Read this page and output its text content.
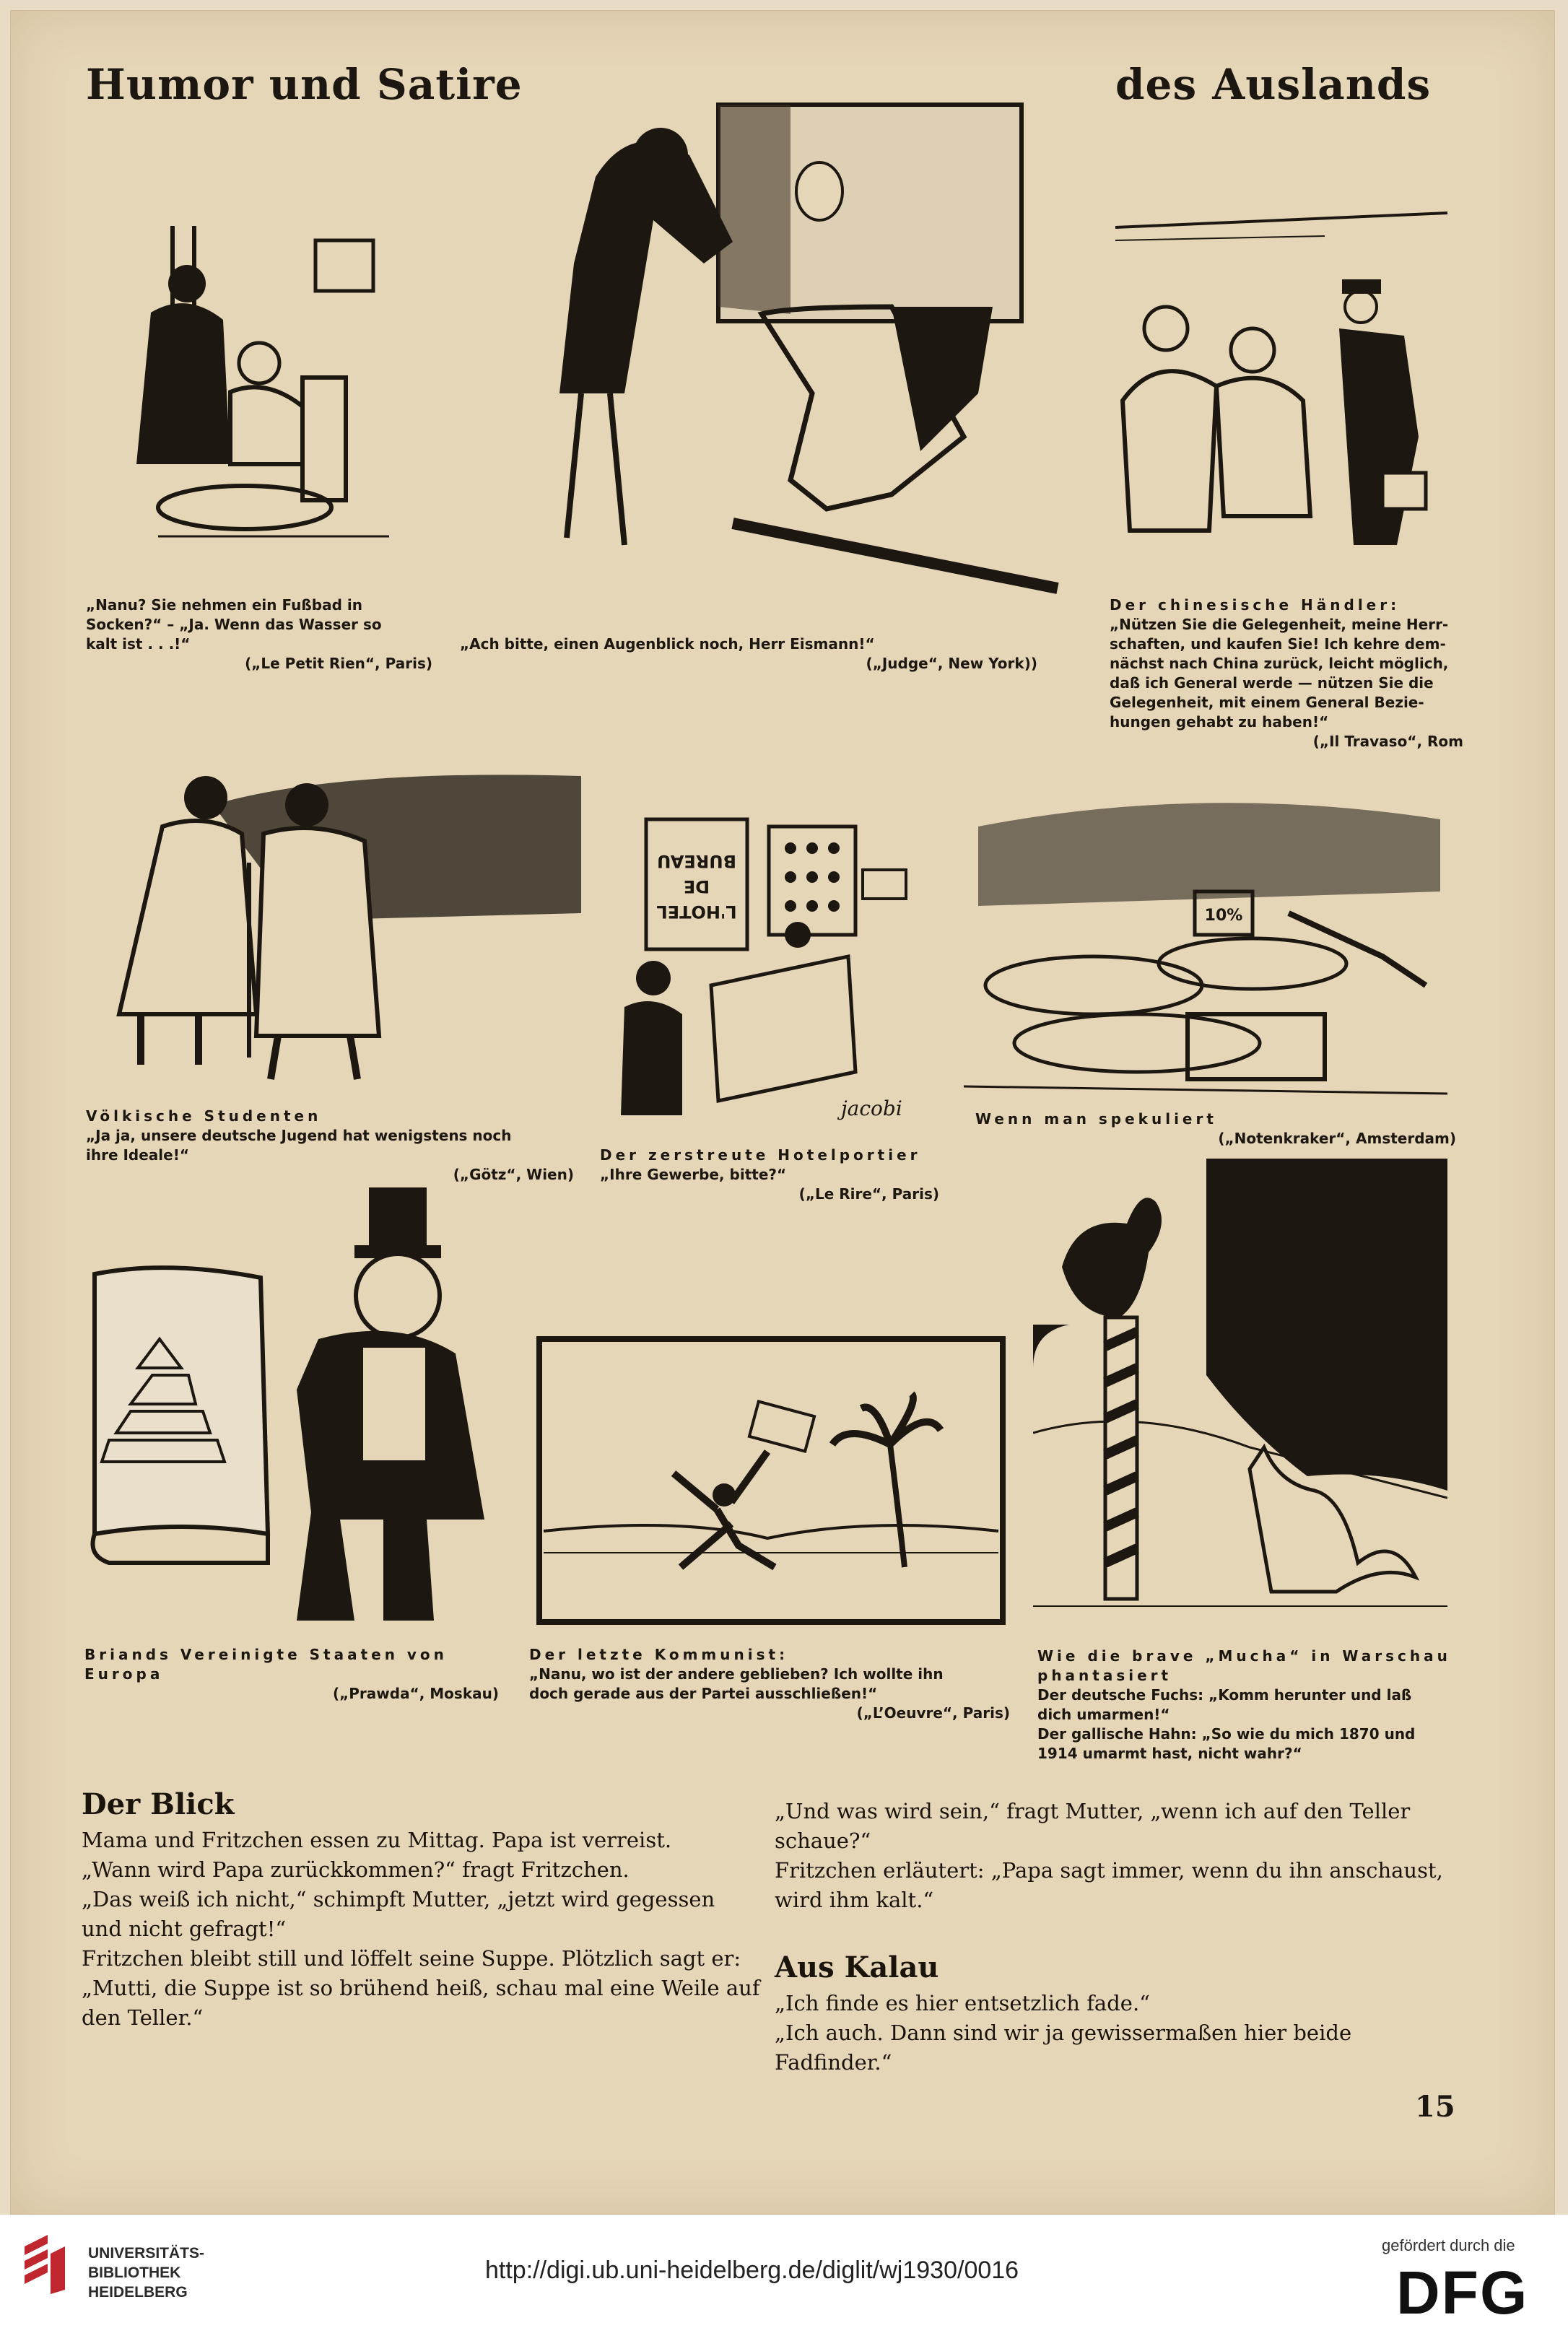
Humor und Satire	des Auslands
„Nanu? Sie nehmen ein Fußbad in
Socken?“ – „Ja. Wenn das Wasser so
kalt ist . . .!“
(„Le Petit Rien“, Paris)
„Ach bitte, einen Augenblick noch, Herr Eismann!“
(„Judge“, New York))
Der chinesische Händler:
„Nützen Sie die Gelegenheit, meine Herr-
schaften, und kaufen Sie! Ich kehre dem-
nächst nach China zurück, leicht möglich,
daß ich General werde — nützen Sie die
Gelegenheit, mit einem General Bezie-
hungen gehabt zu haben!“
(„Il Travaso“, Rom
Völkische Studenten
„Ja ja, unsere deutsche Jugend hat wenigstens noch
ihre Ideale!“
(„Götz“, Wien)
BUREAU
DE
L'HOTEL
jacobi
Der zerstreute Hotelportier
„Ihre Gewerbe, bitte?“
(„Le Rire“, Paris)
10%
Wenn man spekuliert
(„Notenkraker“, Amsterdam)
Briands Vereinigte Staaten von Europa
(„Prawda“, Moskau)
Der letzte Kommunist:
„Nanu, wo ist der andere geblieben? Ich wollte ihn
doch gerade aus der Partei ausschließen!“
(„L’Oeuvre“, Paris)
Wie die brave „Mucha“ in Warschau phantasiert
Der deutsche Fuchs: „Komm herunter und laß
dich umarmen!“
Der gallische Hahn: „So wie du mich 1870 und
1914 umarmt hast, nicht wahr?“
Der Blick

Mama und Fritzchen essen zu Mittag. Papa ist verreist.

„Wann wird Papa zurückkommen?“ fragt Fritzchen.

„Das weiß ich nicht,“ schimpft Mutter, „jetzt wird gegessen und nicht gefragt!“

Fritzchen bleibt still und löffelt seine Suppe. Plötzlich sagt er: „Mutti, die Suppe ist so brühend heiß, schau mal eine Weile auf den Teller.“

„Und was wird sein,“ fragt Mutter, „wenn ich auf den Teller schaue?“

Fritzchen erläutert: „Papa sagt immer, wenn du ihn anschaust, wird ihm kalt.“

Aus Kalau

„Ich finde es hier entsetzlich fade.“

„Ich auch. Dann sind wir ja gewissermaßen hier beide Fadfinder.“

15
UNIVERSITÄTS-
BIBLIOTHEK
HEIDELBERG
http://digi.ub.uni-heidelberg.de/diglit/wj1930/0016
gefördert durch die
DFG
